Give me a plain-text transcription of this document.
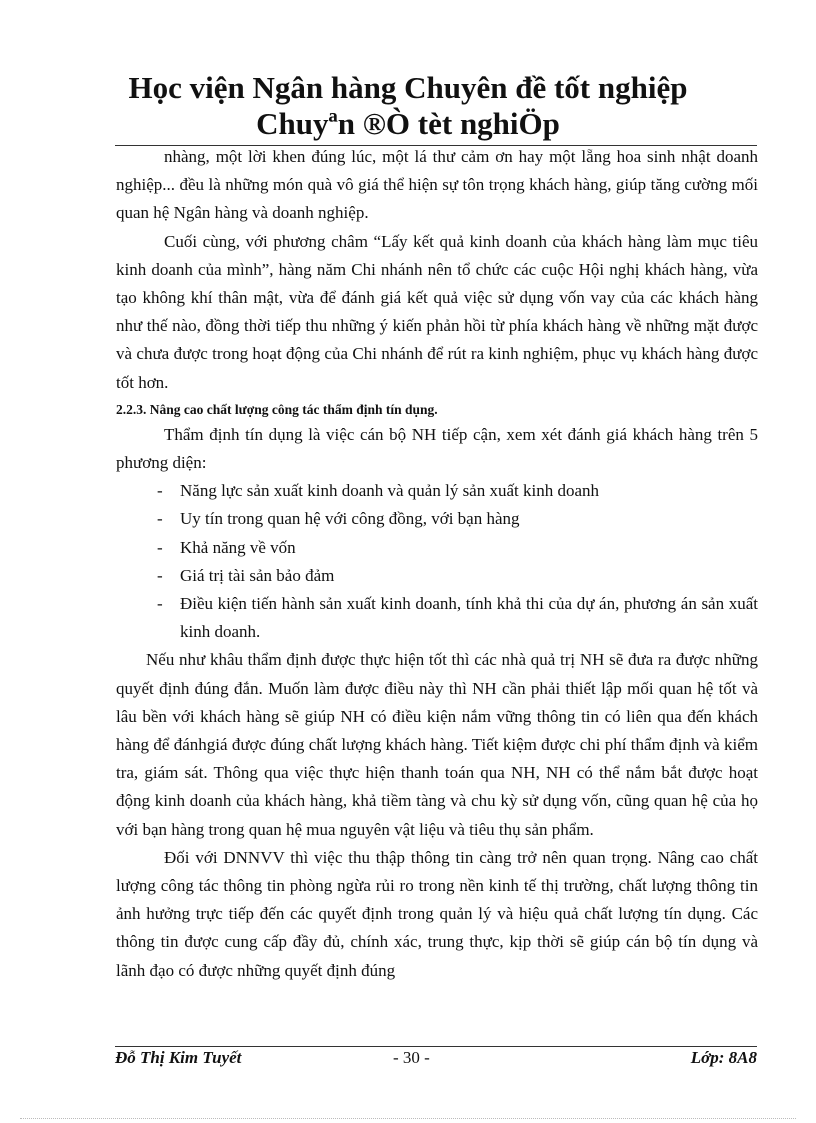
Học viện Ngân hàng Chuyên đề tốt nghiệp
Chuyªn ®Ò tèt nghiÖp

nhàng, một lời khen đúng lúc, một lá thư cảm ơn hay một lẵng hoa sinh nhật doanh nghiệp... đều là những món quà vô giá thể hiện sự tôn trọng khách hàng, giúp tăng cường mối quan hệ Ngân hàng và doanh nghiệp.

Cuối cùng, với phương châm “Lấy kết quả kinh doanh của khách hàng làm mục tiêu kinh doanh của mình”, hàng năm Chi nhánh nên tổ chức các cuộc Hội nghị khách hàng, vừa tạo không khí thân mật, vừa để đánh giá kết quả việc sử dụng vốn vay của các khách hàng như thế nào, đồng thời tiếp thu những ý kiến phản hồi từ phía khách hàng về những mặt được và chưa được trong hoạt động của Chi nhánh để rút ra kinh nghiệm, phục vụ khách hàng được tốt hơn.

2.2.3. Nâng cao chất lượng công tác thẩm định tín dụng.

Thẩm định tín dụng là việc cán bộ NH tiếp cận, xem xét đánh giá khách hàng trên 5 phương diện:

- Năng lực sản xuất kinh doanh và quản lý sản xuất kinh doanh
- Uy tín trong quan hệ với công đồng, với bạn hàng
- Khả năng về vốn
- Giá trị tài sản bảo đảm
- Điều kiện tiến hành sản xuất kinh doanh, tính khả thi của dự án, phương án sản xuất kinh doanh.

Nếu như khâu thẩm định được thực hiện tốt thì các nhà quả trị NH sẽ đưa ra được những quyết định đúng đắn. Muốn làm được điều này thì NH cần phải thiết lập mối quan hệ tốt và lâu bền với khách hàng sẽ giúp NH có điều kiện nắm vững thông tin có liên qua đến khách hàng để đánhgiá được đúng chất lượng khách hàng. Tiết kiệm được chi phí thẩm định và kiểm tra, giám sát. Thông qua việc thực hiện thanh toán qua NH, NH có thể nắm bắt được hoạt động kinh doanh của khách hàng, khả tiềm tàng và chu kỳ sử dụng vốn, cũng quan hệ của họ với bạn hàng trong quan hệ mua nguyên vật liệu và tiêu thụ sản phẩm.

Đối với DNNVV thì việc thu thập thông tin càng trở nên quan trọng. Nâng cao chất lượng công tác thông tin phòng ngừa rủi ro trong nền kinh tế thị trường, chất lượng thông tin ảnh hưởng trực tiếp đến các quyết định trong quản lý và hiệu quả chất lượng tín dụng. Các thông tin được cung cấp đầy đủ, chính xác, trung thực, kịp thời sẽ giúp cán bộ tín dụng và lãnh đạo có được những quyết định đúng

Đỗ Thị Kim Tuyết	- 30 -	Lớp: 8A8
